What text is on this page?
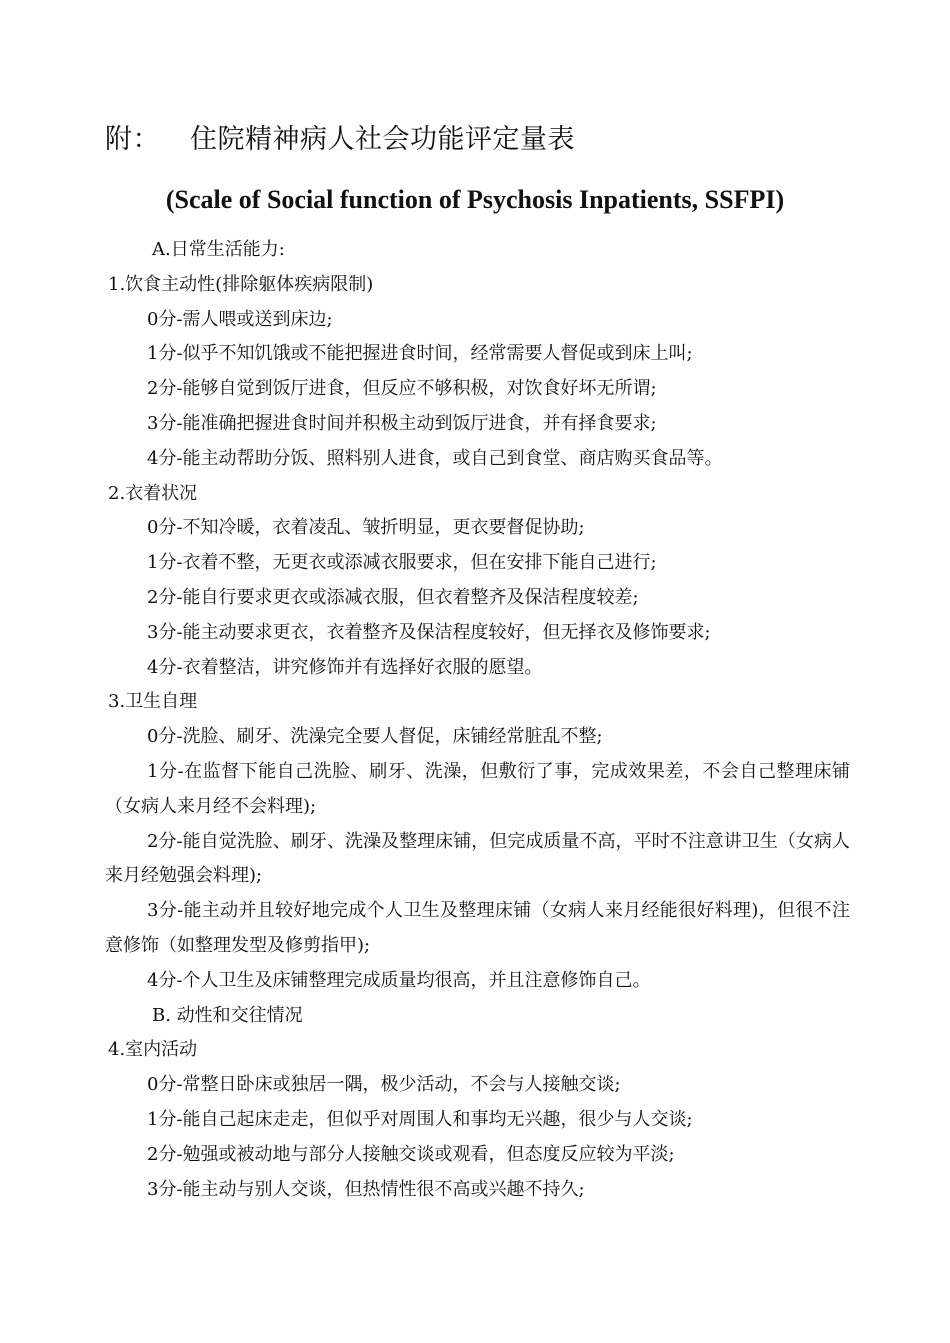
附： 住院精神病人社会功能评定量表
(Scale of Social function of Psychosis Inpatients, SSFPI)
A.日常生活能力:
1.饮食主动性(排除躯体疾病限制)
0分-需人喂或送到床边;
1分-似乎不知饥饿或不能把握进食时间，经常需要人督促或到床上叫;
2分-能够自觉到饭厅进食，但反应不够积极，对饮食好坏无所谓;
3分-能准确把握进食时间并积极主动到饭厅进食，并有择食要求;
4分-能主动帮助分饭、照料别人进食，或自己到食堂、商店购买食品等。
2.衣着状况
0分-不知冷暖，衣着凌乱、皱折明显，更衣要督促协助;
1分-衣着不整，无更衣或添减衣服要求，但在安排下能自己进行;
2分-能自行要求更衣或添减衣服，但衣着整齐及保洁程度较差;
3分-能主动要求更衣，衣着整齐及保洁程度较好，但无择衣及修饰要求;
4分-衣着整洁，讲究修饰并有选择好衣服的愿望。
3.卫生自理
0分-洗脸、刷牙、洗澡完全要人督促，床铺经常脏乱不整;
1分-在监督下能自己洗脸、刷牙、洗澡，但敷衍了事，完成效果差，不会自己整理床铺（女病人来月经不会料理);
2分-能自觉洗脸、刷牙、洗澡及整理床铺，但完成质量不高，平时不注意讲卫生（女病人来月经勉强会料理);
3分-能主动并且较好地完成个人卫生及整理床铺（女病人来月经能很好料理)，但很不注意修饰（如整理发型及修剪指甲);
4分-个人卫生及床铺整理完成质量均很高，并且注意修饰自己。
B. 动性和交往情况
4.室内活动
0分-常整日卧床或独居一隅，极少活动，不会与人接触交谈;
1分-能自己起床走走，但似乎对周围人和事均无兴趣，很少与人交谈;
2分-勉强或被动地与部分人接触交谈或观看，但态度反应较为平淡;
3分-能主动与别人交谈，但热情性很不高或兴趣不持久;
